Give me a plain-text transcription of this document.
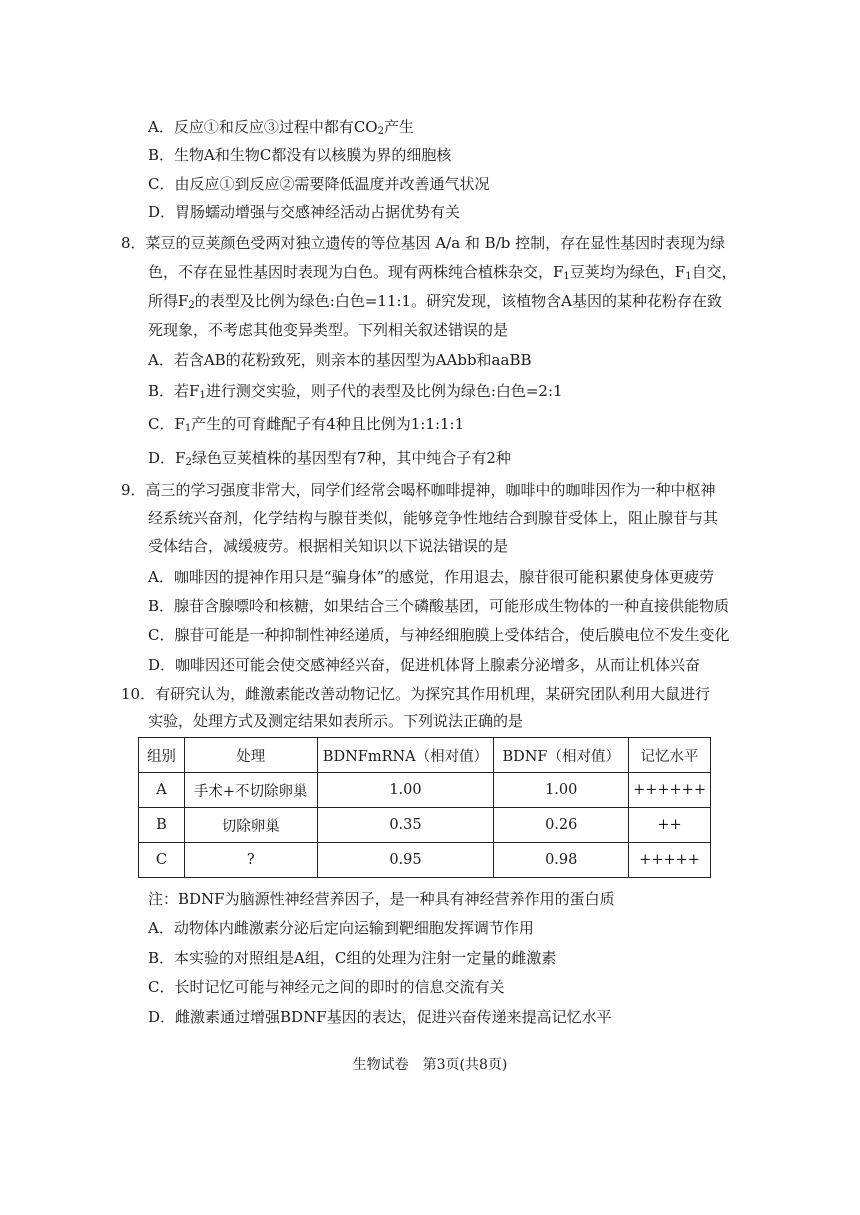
A．反应①和反应③过程中都有$CO_2$产生
B．生物A和生物C都没有以核膜为界的细胞核
C．由反应①到反应②需要降低温度并改善通气状况
D．胃肠蠕动增强与交感神经活动占据优势有关
8．菜豆的豆荚颜色受两对独立遗传的等位基因 A/a 和 B/b 控制，存在显性基因时表现为绿
色，不存在显性基因时表现为白色。现有两株纯合植株杂交，$F_1$豆荚均为绿色，$F_1$自交，
所得$F_2$的表型及比例为绿色:白色=11:1。研究发现，该植物含A基因的某种花粉存在致
死现象，不考虑其他变异类型。下列相关叙述错误的是
A．若含AB的花粉致死，则亲本的基因型为AAbb和aaBB
B．若$F_1$进行测交实验，则子代的表型及比例为绿色:白色=2:1
C．$F_1$产生的可育雌配子有4种且比例为1:1:1:1
D．$F_2$绿色豆荚植株的基因型有7种，其中纯合子有2种
9．高三的学习强度非常大，同学们经常会喝杯咖啡提神，咖啡中的咖啡因作为一种中枢神
经系统兴奋剂，化学结构与腺苷类似，能够竞争性地结合到腺苷受体上，阻止腺苷与其
受体结合，减缓疲劳。根据相关知识以下说法错误的是
A．咖啡因的提神作用只是“骗身体”的感觉，作用退去，腺苷很可能积累使身体更疲劳
B．腺苷含腺嘌呤和核糖，如果结合三个磷酸基团，可能形成生物体的一种直接供能物质
C．腺苷可能是一种抑制性神经递质，与神经细胞膜上受体结合，使后膜电位不发生变化
D．咖啡因还可能会使交感神经兴奋，促进机体肾上腺素分泌增多，从而让机体兴奋
10．有研究认为，雌激素能改善动物记忆。为探究其作用机理，某研究团队利用大鼠进行
实验，处理方式及测定结果如表所示。下列说法正确的是
组别	处理	BDNFmRNA（相对值）	BDNF（相对值）	记忆水平
A	手术+不切除卵巢	1.00	1.00	++++++
B	切除卵巢	0.35	0.26	++
C	?	0.95	0.98	+++++
注：BDNF为脑源性神经营养因子，是一种具有神经营养作用的蛋白质
A．动物体内雌激素分泌后定向运输到靶细胞发挥调节作用
B．本实验的对照组是A组，C组的处理为注射一定量的雌激素
C．长时记忆可能与神经元之间的即时的信息交流有关
D．雌激素通过增强BDNF基因的表达，促进兴奋传递来提高记忆水平
生物试卷　第3页(共8页)
